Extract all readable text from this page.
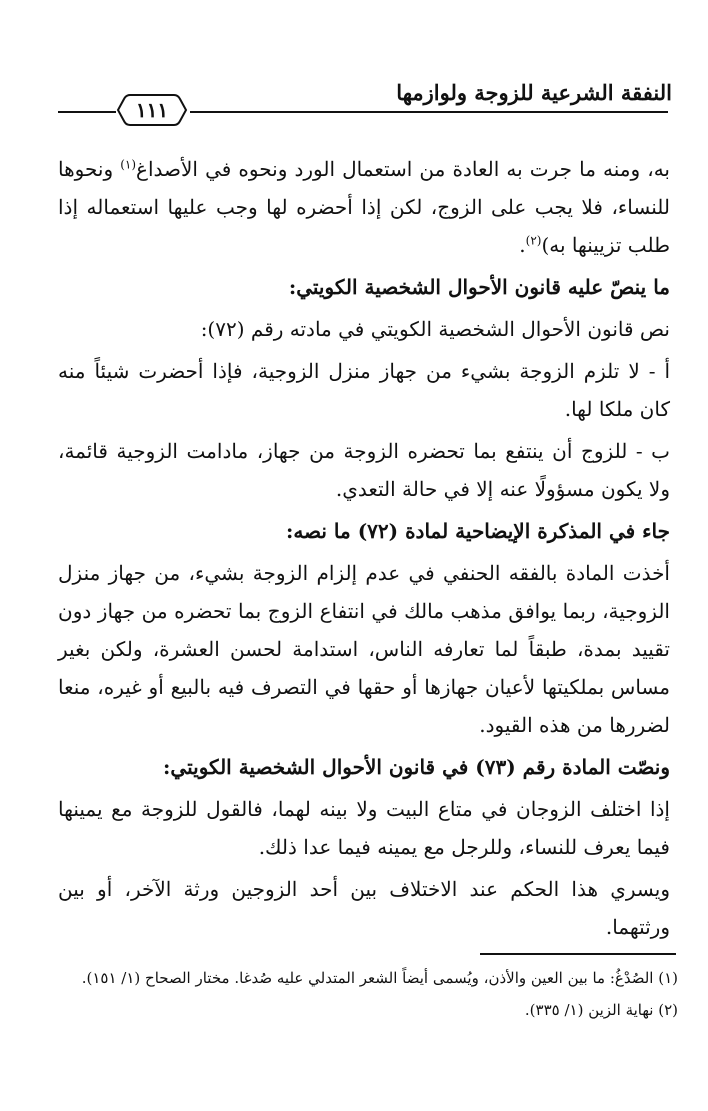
النفقة الشرعية للزوجة ولوازمها
١١١

به، ومنه ما جرت به العادة من استعمال الورد ونحوه في الأصداغ$^{(١)}$ ونحوها للنساء، فلا يجب على الزوج، لكن إذا أحضره لها وجب عليها استعماله إذا طلب تزيينها به)$^{(٢)}$.

ما ينصّ عليه قانون الأحوال الشخصية الكويتي:

نص قانون الأحوال الشخصية الكويتي في مادته رقم (٧٢):

أ - لا تلزم الزوجة بشيء من جهاز منزل الزوجية، فإذا أحضرت شيئاً منه كان ملكا لها.

ب - للزوج أن ينتفع بما تحضره الزوجة من جهاز، مادامت الزوجية قائمة، ولا يكون مسؤولًا عنه إلا في حالة التعدي.

جاء في المذكرة الإيضاحية لمادة (٧٢) ما نصه:

أخذت المادة بالفقه الحنفي في عدم إلزام الزوجة بشيء، من جهاز منزل الزوجية، ربما يوافق مذهب مالك في انتفاع الزوج بما تحضره من جهاز دون تقييد بمدة، طبقاً لما تعارفه الناس، استدامة لحسن العشرة، ولكن بغير مساس بملكيتها لأعيان جهازها أو حقها في التصرف فيه بالبيع أو غيره، منعا لضررها من هذه القيود.

ونصّت المادة رقم (٧٣) في قانون الأحوال الشخصية الكويتي:

إذا اختلف الزوجان في متاع البيت ولا بينه لهما، فالقول للزوجة مع يمينها فيما يعرف للنساء، وللرجل مع يمينه فيما عدا ذلك.

ويسري هذا الحكم عند الاختلاف بين أحد الزوجين ورثة الآخر، أو بين ورثتهما.

(١) الصُدْغُ: ما بين العين والأذن، ويُسمى أيضاً الشعر المتدلي عليه صُدغا. مختار الصحاح (١/ ١٥١).

(٢) نهاية الزين (١/ ٣٣٥).
